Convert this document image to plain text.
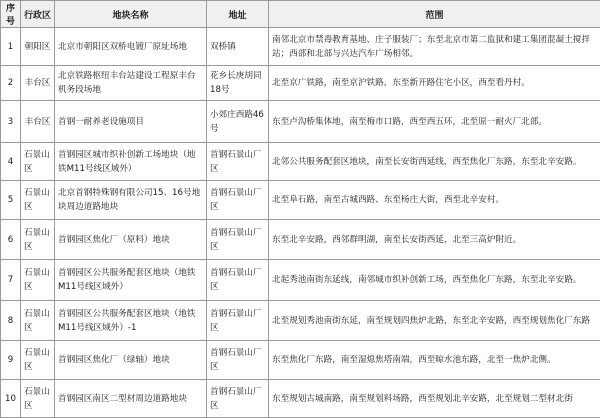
序号	行政区	地块名称	地址	范围
1	朝阳区	北京市朝阳区双桥电镀厂原址场地	双桥镇	南邻北京市禁毒教育基地、庄子服装厂；东至北京市第二监狱和建工集团混凝土搅拌站；西部和北部与兴达汽车广场相邻。
2	丰台区	北京铁路枢纽丰台站建设工程原丰台机务段场地	花乡长庚胡同18号	北至京广铁路，南至京沪铁路，东至新开路住宅小区，西至看丹村。
3	丰台区	首钢一耐养老设施项目	小郊庄西路46号	东至卢沟桥集体地，南至梅市口路，西至西五环，北至原一耐火厂北部。
4	石景山区	首钢园区城市织补创新工场地块（地铁M11号线区域外）	首钢石景山厂区	北邻公共服务配套区地块，南至长安街西延线，西至焦化厂东路，东至北辛安路。
5	石景山区	北京首钢特殊钢有限公司15、16号地块周边道路地块	首钢石景山厂区	北至阜石路，南至古城西路、东至杨庄大街，西至北辛安村。
6	石景山区	首钢园区焦化厂（原料）地块	首钢石景山厂区	东至北辛安路，西邻群明湖，南至长安街西延，北至三高炉附近。
7	石景山区	首钢园区公共服务配套区地块（地铁M11号线区域外）	首钢石景山厂区	北起秀池南街东延线，南邻城市织补创新工场，西至焦化厂东路，东至北辛安路。
8	石景山区	首钢园区公共服务配套区地块（地铁M11号线区域外）-1	首钢石景山厂区	北至规划秀池南街东延，南至规划四焦炉北路，东至北辛安路，西至规划焦化厂东路
9	石景山区	首钢园区焦化厂（绿轴）地块	首钢石景山厂区	东至焦化厂东路，南至湿熄焦塔南端，西至晾水池东路，北至一焦炉北侧。
10	石景山区	首钢园区南区二型材周边道路地块	首钢石景山厂区	东至规划古城南路，南至规划料场路，西至规划北辛安路，北至规划二型材北街
